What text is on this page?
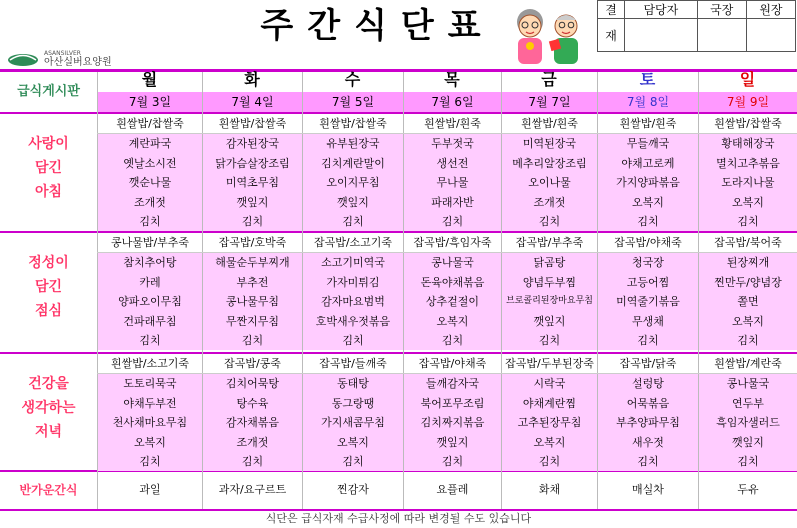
주간식단표	결	담당자	국장	원장
재			
ASANSILVER
아산실버요양원
식단은 급식자재 수급사정에 따라 변경될 수도 있습니다
월
7월 3일
화
7월 4일
수
7월 5일
목
7월 6일
금
7월 7일
토
7월 8일
일
7월 9일
급식게시판
사랑이
담긴
아침
흰쌀밥/찹쌀죽	흰쌀밥/찹쌀죽	흰쌀밥/찹쌀죽	흰쌀밥/흰죽	흰쌀밥/흰죽	흰쌀밥/흰죽	흰쌀밥/찹쌀죽
계란파국	감자된장국	유부된장국	두부젓국	미역된장국	무들깨국	황태해장국
옛날소시전	닭가슴살장조림	김치계란말이	생선전	메추리알장조림	야채고로케	멸치고추볶음
깻순나물	미역초무침	오이지무침	무나물	오이나물	가지양파볶음	도라지나물
조개젓	깻잎지	깻잎지	파래자반	조개젓	오복지	오복지
김치	김치	김치	김치	김치	김치	김치
정성이
담긴
점심
콩나물밥/부추죽	잡곡밥/호박죽	잡곡밥/소고기죽	잡곡밥/흑임자죽	잡곡밥/부추죽	잡곡밥/야채죽	잡곡밥/북어죽
참치추어탕	해물순두부찌개	소고기미역국	콩나물국	닭곰탕	청국장	된장찌개
카레	부추전	가자미튀김	돈육야채볶음	양념두부찜	고등어찜	찐만두/양념장
양파오이무침	콩나물무침	감자마요범벅	상추겉절이	브로콜리된장마요무침	미역줄기볶음	쫄면
건파래무침	무짠지무침	호박새우젓볶음	오복지	깻잎지	무생채	오복지
김치	김치	김치	김치	김치	김치	김치
건강을
생각하는
저녁
흰쌀밥/소고기죽	잡곡밥/콩죽	잡곡밥/들깨죽	잡곡밥/야채죽	잡곡밥/두부된장죽	잡곡밥/닭죽	흰쌀밥/계란죽
도토리묵국	김치어묵탕	동태탕	들깨감자국	시락국	설렁탕	콩나물국
야채두부전	탕수육	동그랑땡	북어포무조림	야채계란찜	어묵볶음	연두부
천사채마요무침	감자채볶음	가지새콤무침	김치짜지볶음	고추된장무침	부추양파무침	흑임자샐러드
오복지	조개젓	오복지	깻잎지	오복지	새우젓	깻잎지
김치	김치	김치	김치	김치	김치	김치
반가운간식	과일	과자/요구르트	찐감자	요플레	화채	매실차	두유
